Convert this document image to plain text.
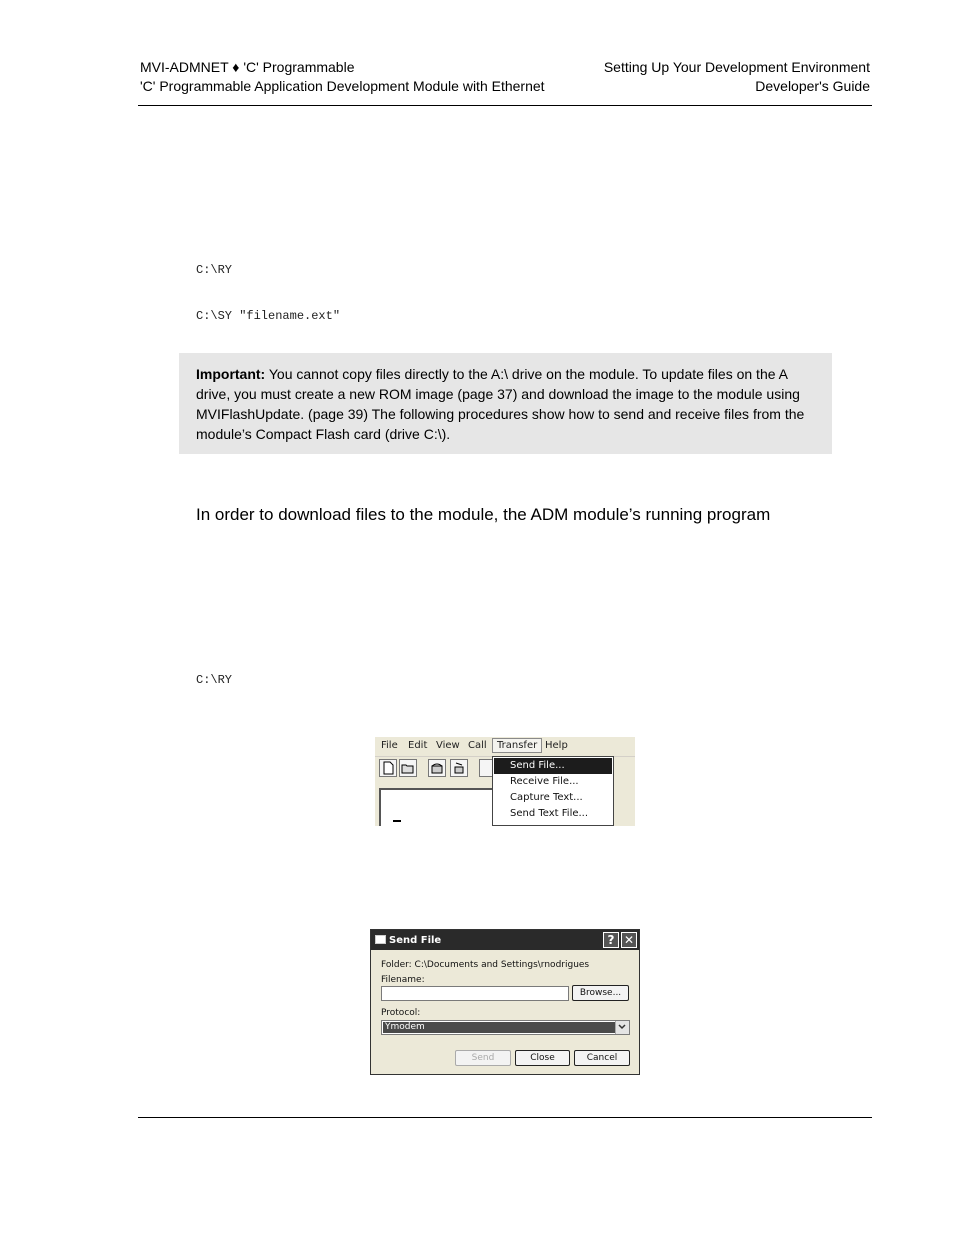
MVI-ADMNET ♦ 'C' Programmable
'C' Programmable Application Development Module with Ethernet
Setting Up Your Development Environment
Developer's Guide
C:\RY
C:\SY "filename.ext"
Important: You cannot copy files directly to the A:\ drive on the module. To update files on the A drive, you must create a new ROM image (page 37) and download the image to the module using MVIFlashUpdate. (page 39) The following procedures show how to send and receive files from the module’s Compact Flash card (drive C:\).
In order to download files to the module, the ADM module’s running program
C:\RY
File Edit View Call	Transfer Help
Send File...
Receive File...
Capture Text...
Send Text File...
Send File	? ✕
Folder: C:\Documents and Settings\rnodrigues
Filename:
Browse...
Protocol:
Ymodem
Send	Close	Cancel
